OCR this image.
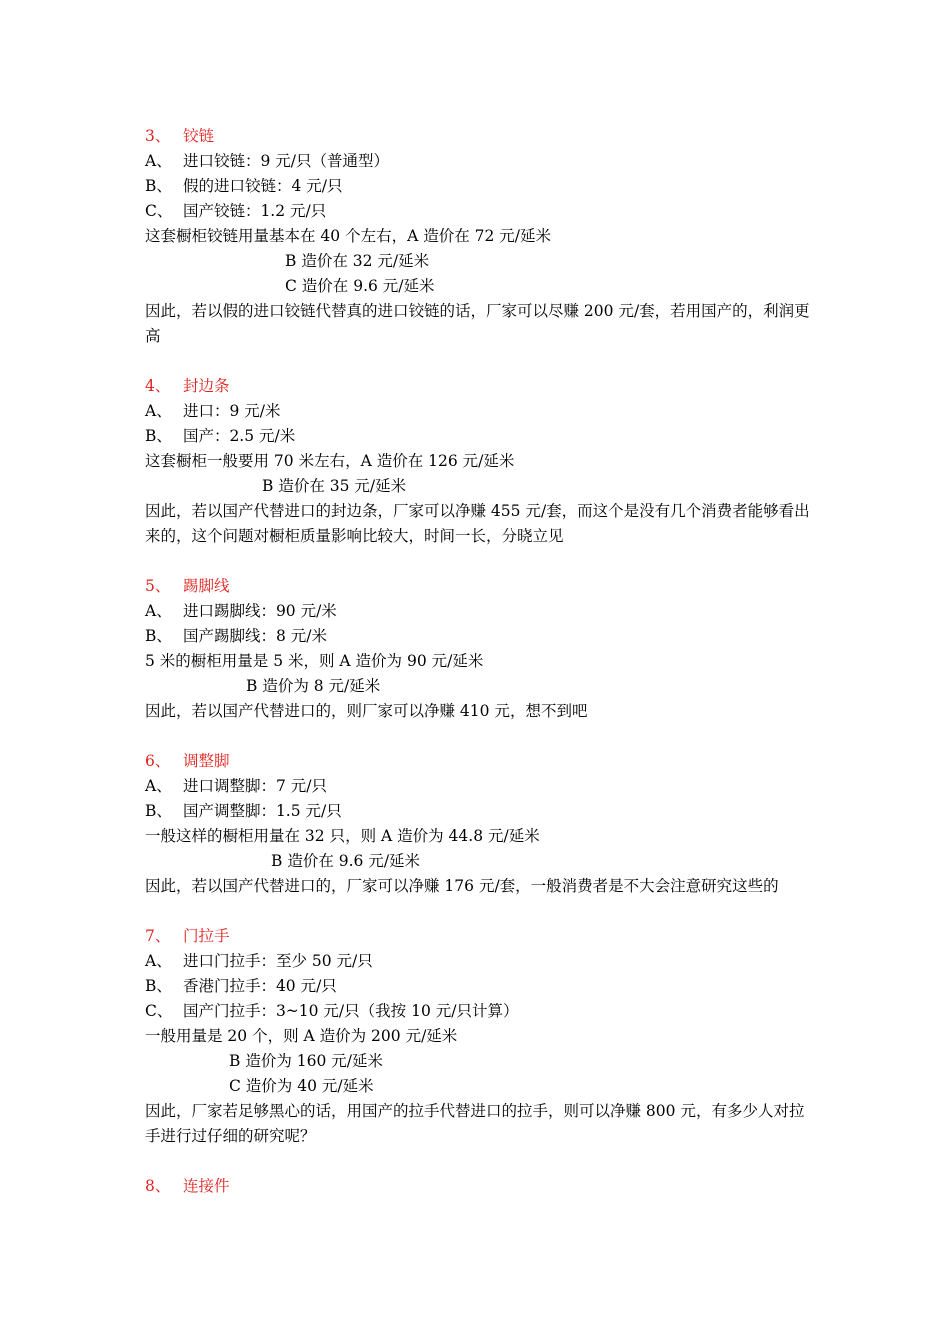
3、 铰链
A、 进口铰链：9 元/只（普通型）
B、 假的进口铰链：4 元/只
C、 国产铰链：1.2 元/只
这套橱柜铰链用量基本在 40 个左右，A 造价在 72 元/延米
B 造价在 32 元/延米
C 造价在 9.6 元/延米
因此，若以假的进口铰链代替真的进口铰链的话，厂家可以尽赚 200 元/套，若用国产的，利润更高
4、 封边条
A、 进口：9 元/米
B、 国产：2.5 元/米
这套橱柜一般要用 70 米左右，A 造价在 126 元/延米
B 造价在 35 元/延米
因此，若以国产代替进口的封边条，厂家可以净赚 455 元/套，而这个是没有几个消费者能够看出来的，这个问题对橱柜质量影响比较大，时间一长，分晓立见
5、 踢脚线
A、 进口踢脚线：90 元/米
B、 国产踢脚线：8 元/米
5 米的橱柜用量是 5 米，则 A 造价为 90 元/延米
B 造价为 8 元/延米
因此，若以国产代替进口的，则厂家可以净赚 410 元，想不到吧
6、 调整脚
A、 进口调整脚：7 元/只
B、 国产调整脚：1.5 元/只
一般这样的橱柜用量在 32 只，则 A 造价为 44.8 元/延米
B 造价在 9.6 元/延米
因此，若以国产代替进口的，厂家可以净赚 176 元/套，一般消费者是不大会注意研究这些的
7、 门拉手
A、 进口门拉手：至少 50 元/只
B、 香港门拉手：40 元/只
C、 国产门拉手：3~10 元/只（我按 10 元/只计算）
一般用量是 20 个，则 A 造价为 200 元/延米
B 造价为 160 元/延米
C 造价为 40 元/延米
因此，厂家若足够黑心的话，用国产的拉手代替进口的拉手，则可以净赚 800 元，有多少人对拉手进行过仔细的研究呢？
8、 连接件
